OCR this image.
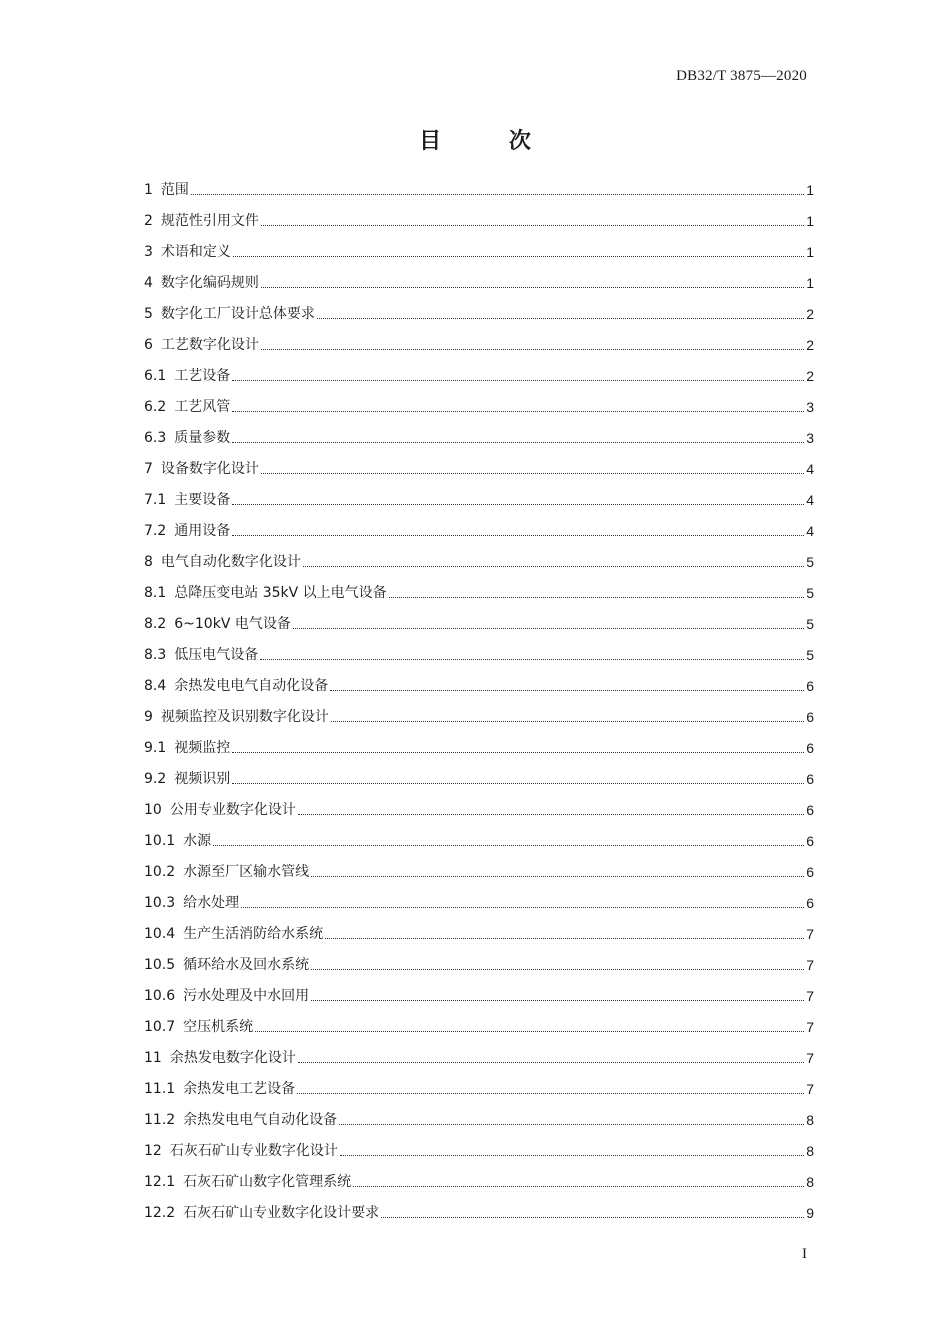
DB32/T 3875—2020
目 次
1 范围	1
2 规范性引用文件	1
3 术语和定义	1
4 数字化编码规则	1
5 数字化工厂设计总体要求	2
6 工艺数字化设计	2
6.1 工艺设备	2
6.2 工艺风管	3
6.3 质量参数	3
7 设备数字化设计	4
7.1 主要设备	4
7.2 通用设备	4
8 电气自动化数字化设计	5
8.1 总降压变电站 35kV 以上电气设备	5
8.2 6~10kV 电气设备	5
8.3 低压电气设备	5
8.4 余热发电电气自动化设备	6
9 视频监控及识别数字化设计	6
9.1 视频监控	6
9.2 视频识别	6
10 公用专业数字化设计	6
10.1 水源	6
10.2 水源至厂区输水管线	6
10.3 给水处理	6
10.4 生产生活消防给水系统	7
10.5 循环给水及回水系统	7
10.6 污水处理及中水回用	7
10.7 空压机系统	7
11 余热发电数字化设计	7
11.1 余热发电工艺设备	7
11.2 余热发电电气自动化设备	8
12 石灰石矿山专业数字化设计	8
12.1 石灰石矿山数字化管理系统	8
12.2 石灰石矿山专业数字化设计要求	9
I
